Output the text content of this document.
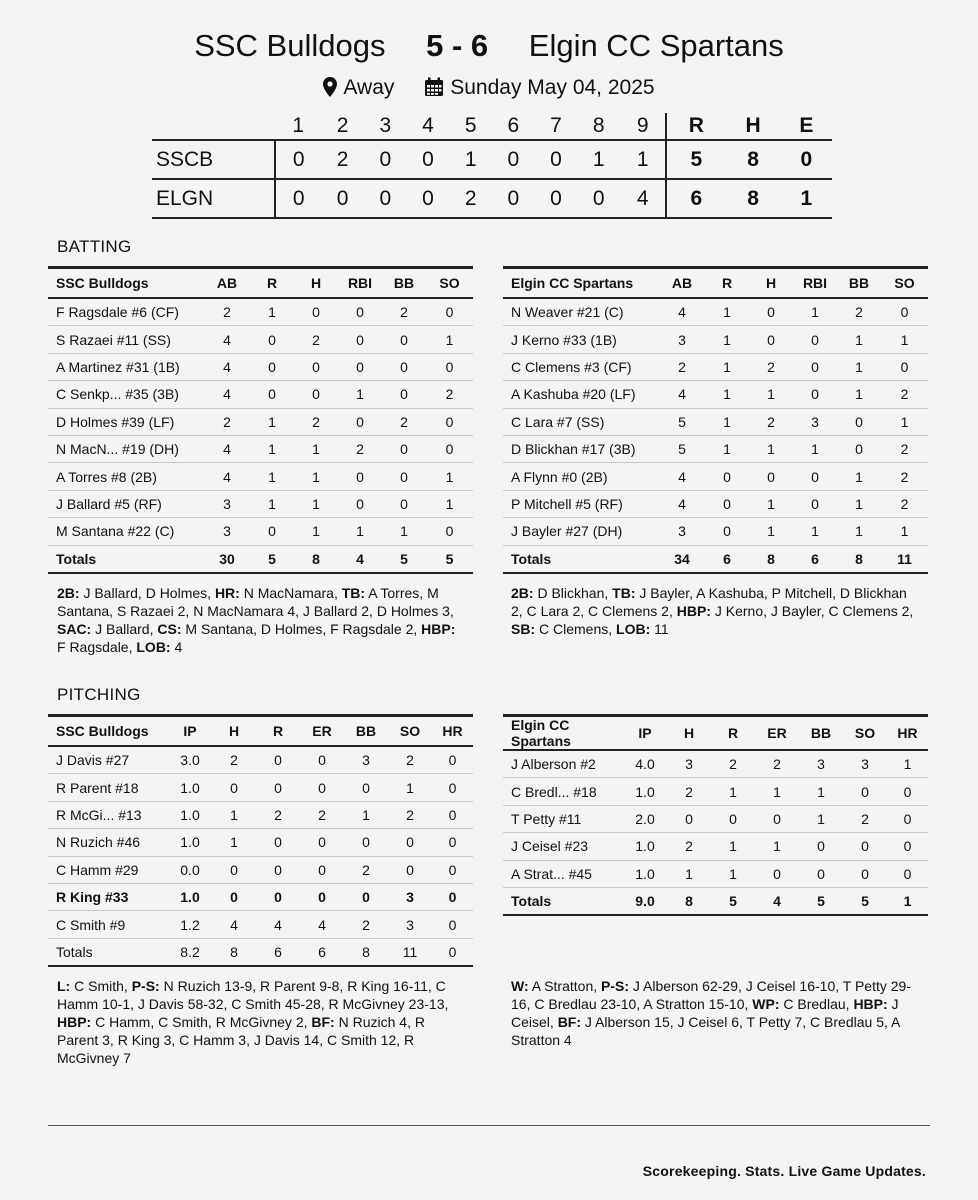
SSC Bulldogs 5 - 6 Elgin CC Spartans
Away	Sunday May 04, 2025
	1	2	3	4	5	6	7	8	9	R	H	E
SSCB	0	2	0	0	1	0	0	1	1	5	8	0
ELGN	0	0	0	0	2	0	0	0	4	6	8	1
BATTING
SSC Bulldogs	AB	R	H	RBI	BB	SO
F Ragsdale #6 (CF)	2	1	0	0	2	0
S Razaei #11 (SS)	4	0	2	0	0	1
A Martinez #31 (1B)	4	0	0	0	0	0
C Senkp... #35 (3B)	4	0	0	1	0	2
D Holmes #39 (LF)	2	1	2	0	2	0
N MacN... #19 (DH)	4	1	1	2	0	0
A Torres #8 (2B)	4	1	1	0	0	1
J Ballard #5 (RF)	3	1	1	0	0	1
M Santana #22 (C)	3	0	1	1	1	0
Totals	30	5	8	4	5	5
Elgin CC Spartans	AB	R	H	RBI	BB	SO
N Weaver #21 (C)	4	1	0	1	2	0
J Kerno #33 (1B)	3	1	0	0	1	1
C Clemens #3 (CF)	2	1	2	0	1	0
A Kashuba #20 (LF)	4	1	1	0	1	2
C Lara #7 (SS)	5	1	2	3	0	1
D Blickhan #17 (3B)	5	1	1	1	0	2
A Flynn #0 (2B)	4	0	0	0	1	2
P Mitchell #5 (RF)	4	0	1	0	1	2
J Bayler #27 (DH)	3	0	1	1	1	1
Totals	34	6	8	6	8	11
2B: J Ballard, D Holmes, HR: N MacNamara, TB: A Torres, M Santana, S Razaei 2, N MacNamara 4, J Ballard 2, D Holmes 3, SAC: J Ballard, CS: M Santana, D Holmes, F Ragsdale 2, HBP: F Ragsdale, LOB: 4
2B: D Blickhan, TB: J Bayler, A Kashuba, P Mitchell, D Blickhan 2, C Lara 2, C Clemens 2, HBP: J Kerno, J Bayler, C Clemens 2, SB: C Clemens, LOB: 11
PITCHING
SSC Bulldogs	IP	H	R	ER	BB	SO	HR
J Davis #27	3.0	2	0	0	3	2	0
R Parent #18	1.0	0	0	0	0	1	0
R McGi... #13	1.0	1	2	2	1	2	0
N Ruzich #46	1.0	1	0	0	0	0	0
C Hamm #29	0.0	0	0	0	2	0	0
R King #33	1.0	0	0	0	0	3	0
C Smith #9	1.2	4	4	4	2	3	0
Totals	8.2	8	6	6	8	11	0
Elgin CC Spartans	IP	H	R	ER	BB	SO	HR
J Alberson #2	4.0	3	2	2	3	3	1
C Bredl... #18	1.0	2	1	1	1	0	0
T Petty #11	2.0	0	0	0	1	2	0
J Ceisel #23	1.0	2	1	1	0	0	0
A Strat... #45	1.0	1	1	0	0	0	0
Totals	9.0	8	5	4	5	5	1
L: C Smith, P-S: N Ruzich 13-9, R Parent 9-8, R King 16-11, C Hamm 10-1, J Davis 58-32, C Smith 45-28, R McGivney 23-13, HBP: C Hamm, C Smith, R McGivney 2, BF: N Ruzich 4, R Parent 3, R King 3, C Hamm 3, J Davis 14, C Smith 12, R McGivney 7
W: A Stratton, P-S: J Alberson 62-29, J Ceisel 16-10, T Petty 29-16, C Bredlau 23-10, A Stratton 15-10, WP: C Bredlau, HBP: J Ceisel, BF: J Alberson 15, J Ceisel 6, T Petty 7, C Bredlau 5, A Stratton 4
Scorekeeping. Stats. Live Game Updates.
